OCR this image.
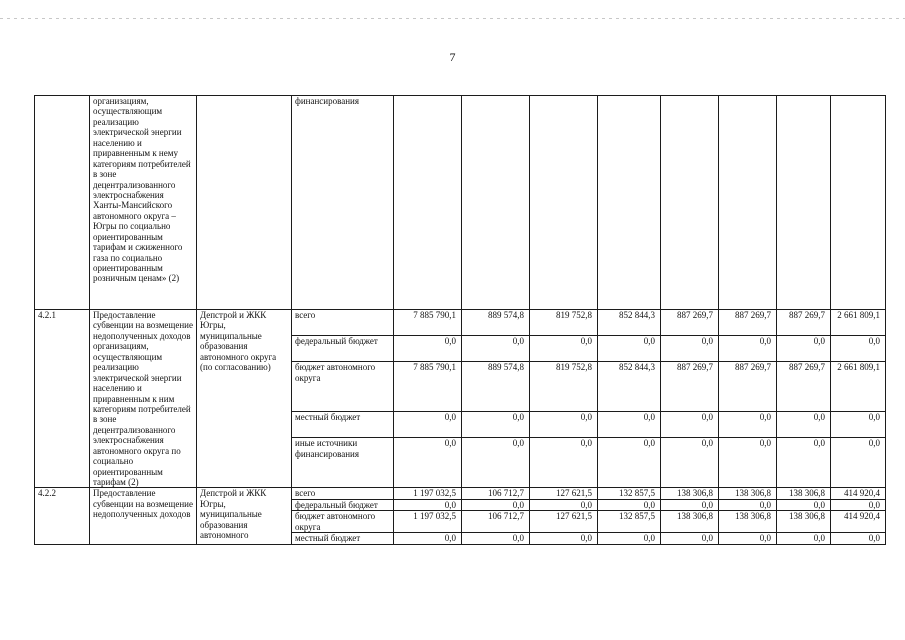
7
	организациям, осуществляющим реализацию электрической энергии населению и приравненным к нему категориям потребителей в зоне децентрализованного электроснабжения Ханты-Мансийского автономного округа – Югры по социально ориентированным тарифам и сжиженного газа по социально ориентированным розничным ценам» (2)		финансирования								
4.2.1	Предоставление субвенции на возмещение недополученных доходов организациям, осуществляющим реализацию электрической энергии населению и приравненным к ним категориям потребителей в зоне децентрализованного электроснабжения автономного округа по социально ориентированным тарифам (2)	Депстрой и ЖКК Югры, муниципальные образования автономного округа (по согласованию)	всего	7 885 790,1	889 574,8	819 752,8	852 844,3	887 269,7	887 269,7	887 269,7	2 661 809,1
			федеральный бюджет	0,0	0,0	0,0	0,0	0,0	0,0	0,0	0,0
			бюджет автономного округа	7 885 790,1	889 574,8	819 752,8	852 844,3	887 269,7	887 269,7	887 269,7	2 661 809,1
			местный бюджет	0,0	0,0	0,0	0,0	0,0	0,0	0,0	0,0
			иные источники финансирования	0,0	0,0	0,0	0,0	0,0	0,0	0,0	0,0
4.2.2	Предоставление субвенции на возмещение недополученных доходов	Депстрой и ЖКК Югры, муниципальные образования автономного	всего	1 197 032,5	106 712,7	127 621,5	132 857,5	138 306,8	138 306,8	138 306,8	414 920,4
			федеральный бюджет	0,0	0,0	0,0	0,0	0,0	0,0	0,0	0,0
			бюджет автономного округа	1 197 032,5	106 712,7	127 621,5	132 857,5	138 306,8	138 306,8	138 306,8	414 920,4
			местный бюджет	0,0	0,0	0,0	0,0	0,0	0,0	0,0	0,0
